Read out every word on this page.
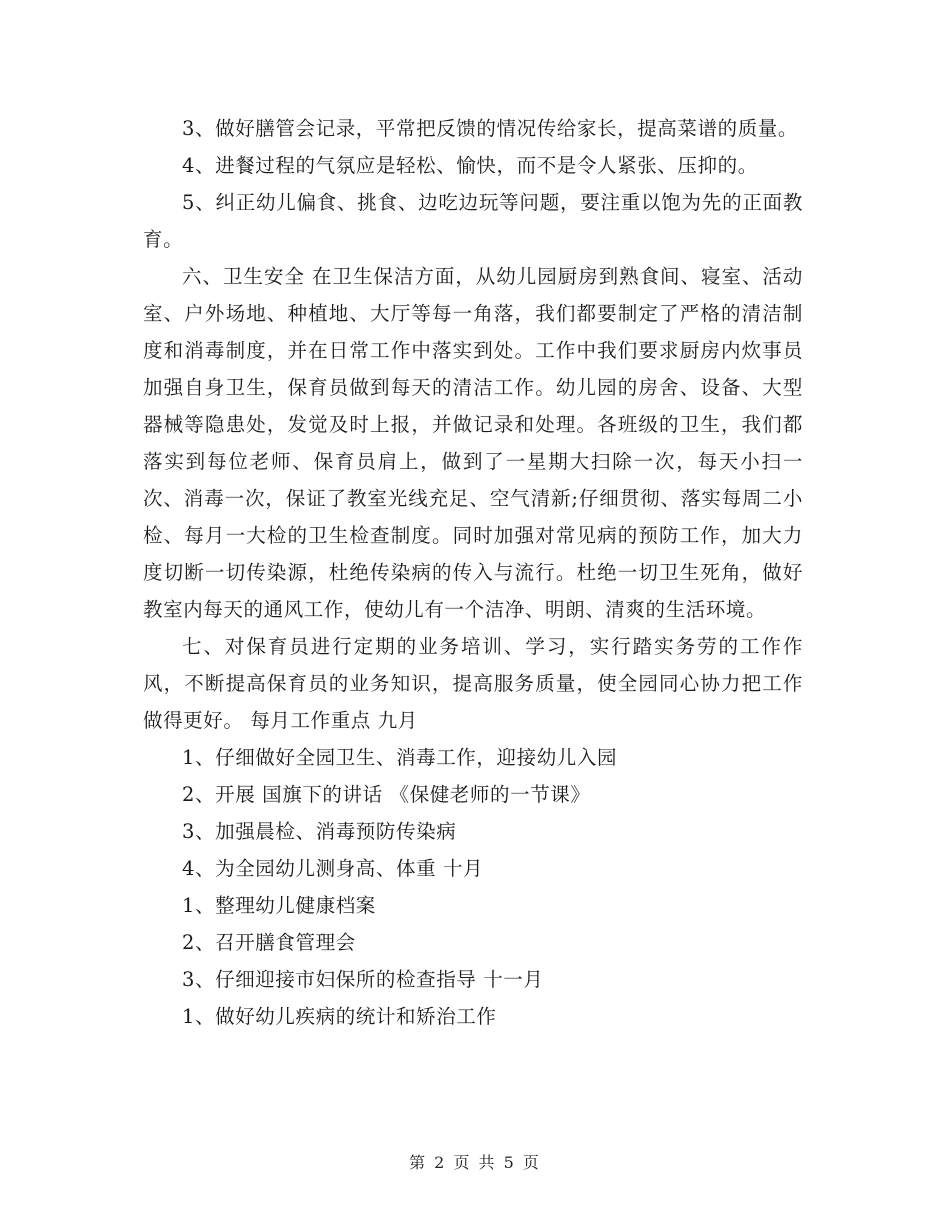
3、做好膳管会记录，平常把反馈的情况传给家长，提高菜谱的质量。

4、进餐过程的气氛应是轻松、愉快，而不是令人紧张、压抑的。

5、纠正幼儿偏食、挑食、边吃边玩等问题，要注重以饱为先的正面教育。

六、卫生安全 在卫生保洁方面，从幼儿园厨房到熟食间、寝室、活动室、户外场地、种植地、大厅等每一角落，我们都要制定了严格的清洁制度和消毒制度，并在日常工作中落实到处。工作中我们要求厨房内炊事员加强自身卫生，保育员做到每天的清洁工作。幼儿园的房舍、设备、大型器械等隐患处，发觉及时上报，并做记录和处理。各班级的卫生，我们都落实到每位老师、保育员肩上，做到了一星期大扫除一次，每天小扫一次、消毒一次，保证了教室光线充足、空气清新;仔细贯彻、落实每周二小检、每月一大检的卫生检查制度。同时加强对常见病的预防工作，加大力度切断一切传染源，杜绝传染病的传入与流行。杜绝一切卫生死角，做好教室内每天的通风工作，使幼儿有一个洁净、明朗、清爽的生活环境。

七、对保育员进行定期的业务培训、学习，实行踏实务劳的工作作风，不断提高保育员的业务知识，提高服务质量，使全园同心协力把工作做得更好。 每月工作重点 九月

1、仔细做好全园卫生、消毒工作，迎接幼儿入园

2、开展 国旗下的讲话 《保健老师的一节课》

3、加强晨检、消毒预防传染病

4、为全园幼儿测身高、体重 十月

1、整理幼儿健康档案

2、召开膳食管理会

3、仔细迎接市妇保所的检查指导 十一月

1、做好幼儿疾病的统计和矫治工作

第 2 页 共 5 页
